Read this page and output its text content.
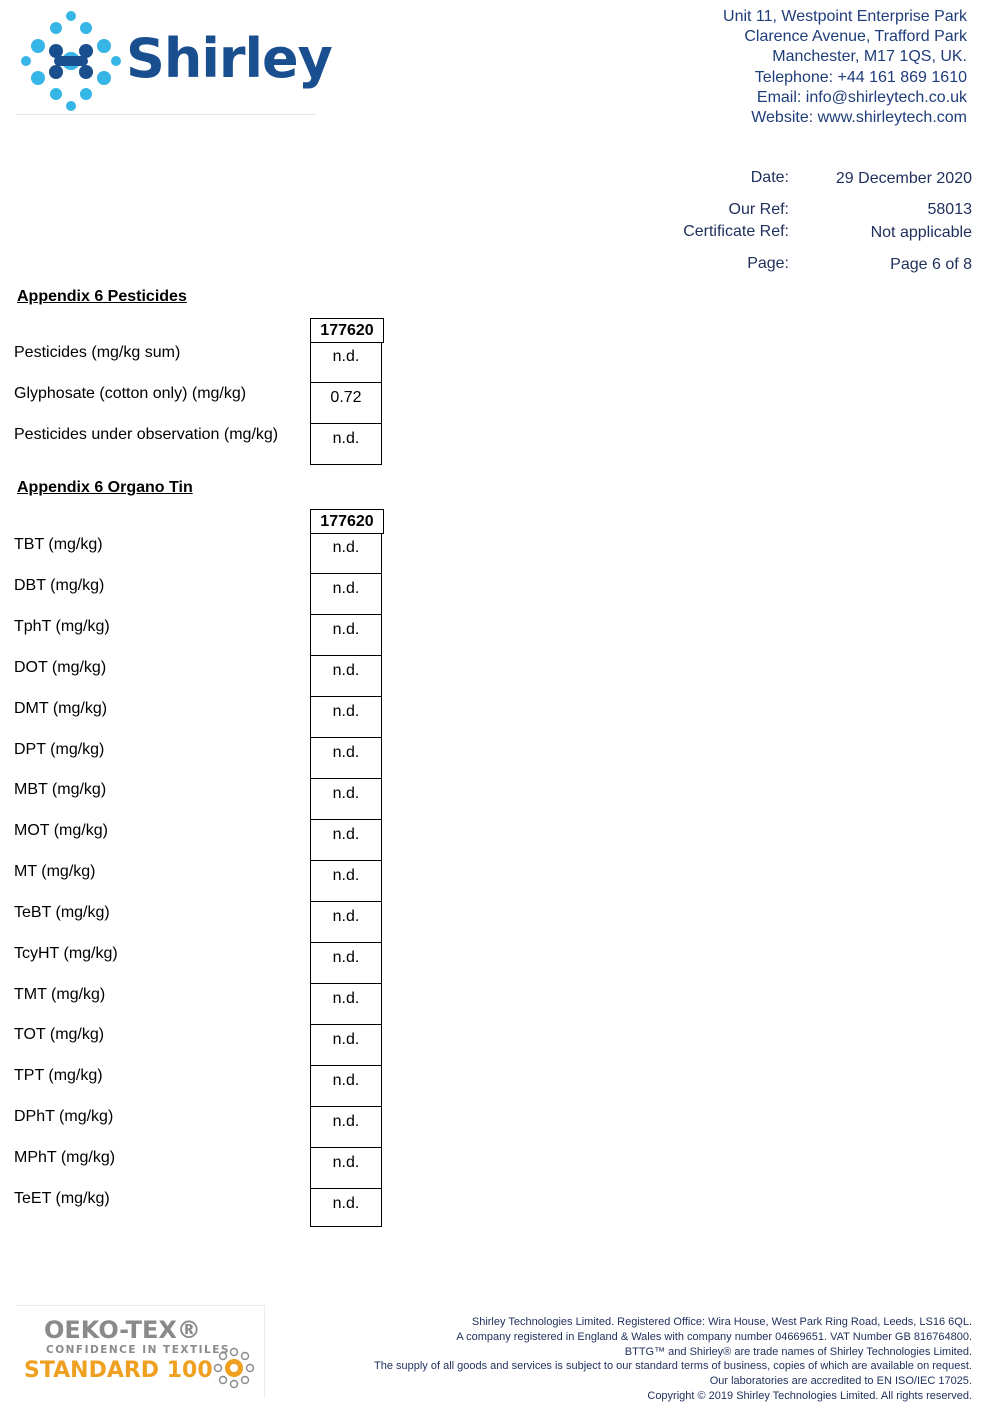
Shirley
Unit 11, Westpoint Enterprise Park
Clarence Avenue, Trafford Park
Manchester, M17 1QS, UK.
Telephone: +44 161 869 1610
Email: info@shirleytech.co.uk
Website: www.shirleytech.com
Date:	29 December 2020
Our Ref:	58013
Certificate Ref:	Not applicable
Page:	Page 6 of 8
Appendix 6 Pesticides
177620
Pesticides (mg/kg sum)	n.d.
Glyphosate (cotton only) (mg/kg)	0.72
Pesticides under observation (mg/kg)	n.d.
Appendix 6 Organo Tin
177620
TBT (mg/kg)	n.d.
DBT (mg/kg)	n.d.
TphT (mg/kg)	n.d.
DOT (mg/kg)	n.d.
DMT (mg/kg)	n.d.
DPT (mg/kg)	n.d.
MBT (mg/kg)	n.d.
MOT (mg/kg)	n.d.
MT (mg/kg)	n.d.
TeBT (mg/kg)	n.d.
TcyHT (mg/kg)	n.d.
TMT (mg/kg)	n.d.
TOT (mg/kg)	n.d.
TPT (mg/kg)	n.d.
DPhT (mg/kg)	n.d.
MPhT (mg/kg)	n.d.
TeET (mg/kg)	n.d.
OEKO-TEX®
CONFIDENCE IN TEXTILES
STANDARD 100
Shirley Technologies Limited. Registered Office: Wira House, West Park Ring Road, Leeds, LS16 6QL.
A company registered in England & Wales with company number 04669651. VAT Number GB 816764800.
BTTG™ and Shirley® are trade names of Shirley Technologies Limited.
The supply of all goods and services is subject to our standard terms of business, copies of which are available on request.
Our laboratories are accredited to EN ISO/IEC 17025.
Copyright © 2019 Shirley Technologies Limited. All rights reserved.
